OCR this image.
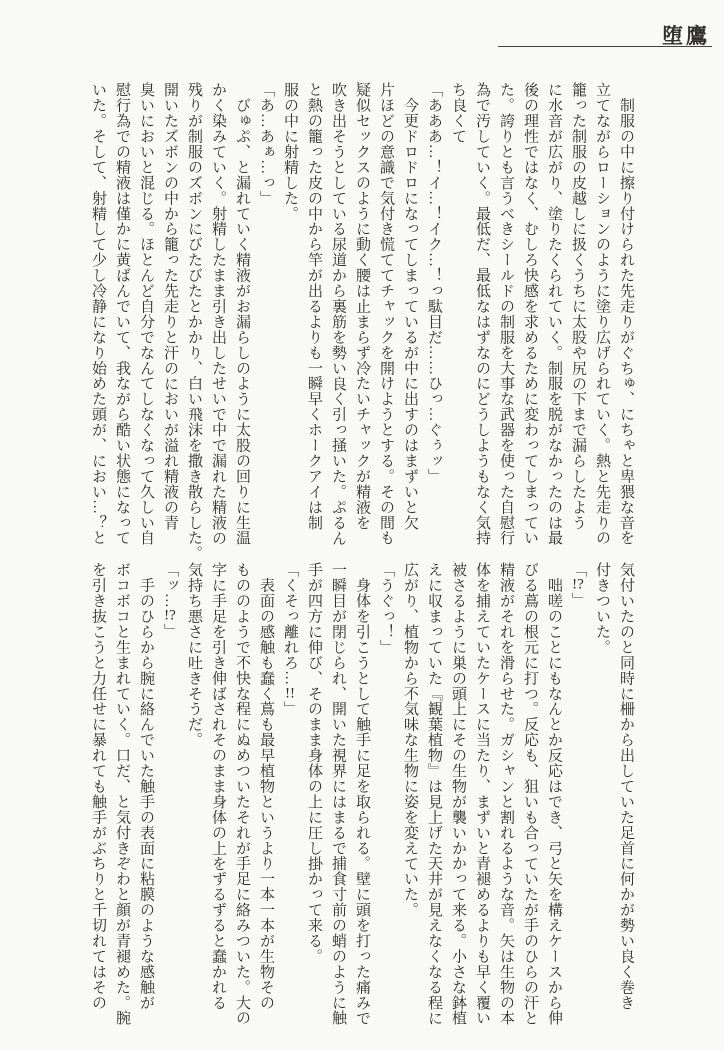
堕鷹
　制服の中に擦り付けられた先走りがぐちゅ、にちゃと卑猥な音を
立てながらローションのように塗り広げられていく。熱と先走りの
籠った制服の皮越しに扱くうちに太股や尻の下まで漏らしたよう
に水音が広がり、塗りたくられていく。制服を脱がなかったのは最
後の理性ではなく、むしろ快感を求めるために変わってしまってい
た。誇りとも言うべきシールドの制服を大事な武器を使った自慰行
為で汚していく。最低だ、最低なはずなのにどうしようもなく気持
ち良くて
「あああ…！イ…！イク…！っ駄目だ……ひっ…ぐぅッ」
　今更ドロドロになってしまっているが中に出すのはまずいと欠
片ほどの意識で気付き慌ててチャックを開けようとする。その間も
疑似セックスのように動く腰は止まらず冷たいチャックが精液を
吹き出そうとしている尿道から裏筋を勢い良く引っ掻いた。ぷるん
と熱の籠った皮の中から竿が出るよりも一瞬早くホークアイは制
服の中に射精した。
「あ…あぁ…っ」
　びゅぷ、と漏れていく精液がお漏らしのように太股の回りに生温
かく染みていく。射精したまま引き出したせいで中で漏れた精液の
残りが制服のズボンにびたびたとかかり、白い飛沫を撒き散らした。
開いたズボンの中から籠った先走りと汗のにおいが溢れ精液の青
臭いにおいと混じる。ほとんど自分でなんてしなくなって久しい自
慰行為での精液は僅かに黄ばんでいて、我ながら酷い状態になって
いた。そして、射精して少し冷静になり始めた頭が、におい…？と
気付いたのと同時に柵から出していた足首に何かが勢い良く巻き
付きついた。
「!?」
　咄嗟のことにもなんとか反応はでき、弓と矢を構えケースから伸
びる蔦の根元に打つ。反応も、狙いも合っていたが手のひらの汗と
精液がそれを滑らせた。ガシャンと割れるような音。矢は生物の本
体を捕えていたケースに当たり、まずいと青褪めるよりも早く覆い
被さるように巣の頭上にその生物が襲いかかって来る。小さな鉢植
えに収まっていた『観葉植物』は見上げた天井が見えなくなる程に
広がり、植物から不気味な生物に姿を変えていた。
「うぐっ！」
　身体を引こうとして触手に足を取られる。壁に頭を打った痛みで
一瞬目が閉じられ、開いた視界にはまるで捕食寸前の蛸のように触
手が四方に伸び、そのまま身体の上に圧し掛かって来る。
「くそっ離れろ…!!」
　表面の感触も蠢く蔦も最早植物というより一本一本が生物その
もののようで不快な程にぬめついたそれが手足に絡みついた。大の
字に手足を引き伸ばされそのまま身体の上をずるずると蠢かれる
気持ち悪さに吐きそうだ。
「ッ…!?」
　手のひらから腕に絡んでいた触手の表面に粘膜のような感触が
ボコボコと生まれていく。口だ、と気付きぞわと顔が青褪めた。腕
を引き抜こうと力任せに暴れても触手がぶちりと千切れてはその
